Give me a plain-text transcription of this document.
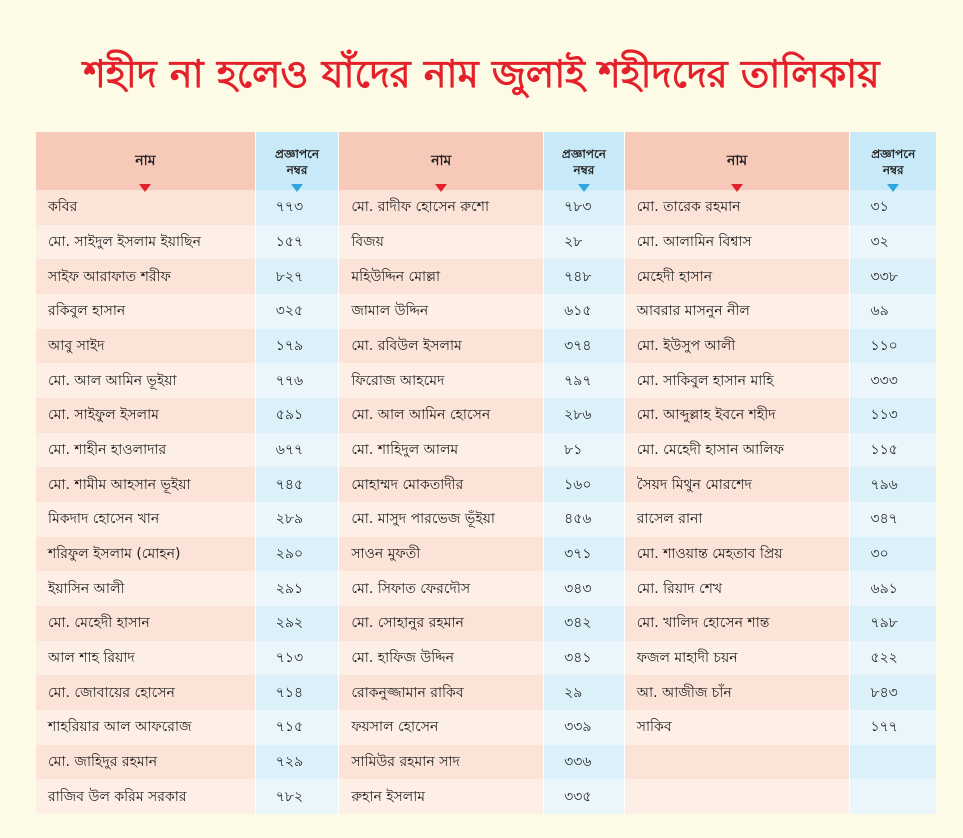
শহীদ না হলেও যাঁদের নাম জুলাই শহীদদের তালিকায়
নাম
কবির
মো. সাইদুল ইসলাম ইয়াছিন
সাইফ আরাফাত শরীফ
রকিবুল হাসান
আবু সাইদ
মো. আল আমিন ভূইয়া
মো. সাইফুল ইসলাম
মো. শাহীন হাওলাদার
মো. শামীম আহসান ভূইয়া
মিকদাদ হোসেন খান
শরিফুল ইসলাম (মোহন)
ইয়াসিন আলী
মো. মেহেদী হাসান
আল শাহ রিয়াদ
মো. জোবায়ের হোসেন
শাহরিয়ার আল আফরোজ
মো. জাহিদুর রহমান
রাজিব উল করিম সরকার
প্রজ্ঞাপনে
নম্বর
৭৭৩
১৫৭
৮২৭
৩২৫
১৭৯
৭৭৬
৫৯১
৬৭৭
৭৪৫
২৮৯
২৯০
২৯১
২৯২
৭১৩
৭১৪
৭১৫
৭২৯
৭৮২
নাম
মো. রাদীফ হোসেন রুশো
বিজয়
মহিউদ্দিন মোল্লা
জামাল উদ্দিন
মো. রবিউল ইসলাম
ফিরোজ আহমেদ
মো. আল আমিন হোসেন
মো. শাহিদুল আলম
মোহাম্মদ মোকতাদীর
মো. মাসুদ পারভেজ ভূঁইয়া
সাওন মুফতী
মো. সিফাত ফেরদৌস
মো. সোহানুর রহমান
মো. হাফিজ উদ্দিন
রোকনুজ্জামান রাকিব
ফয়সাল হোসেন
সামিউর রহমান সাদ
রুহান ইসলাম
প্রজ্ঞাপনে
নম্বর
৭৮৩
২৮
৭৪৮
৬১৫
৩৭৪
৭৯৭
২৮৬
৮১
১৬০
৪৫৬
৩৭১
৩৪৩
৩৪২
৩৪১
২৯
৩৩৯
৩৩৬
৩৩৫
নাম
মো. তারেক রহমান
মো. আলামিন বিশ্বাস
মেহেদী হাসান
আবরার মাসনুন নীল
মো. ইউসুপ আলী
মো. সাকিবুল হাসান মাহি
মো. আব্দুল্লাহ ইবনে শহীদ
মো. মেহেদী হাসান আলিফ
সৈয়দ মিথুন মোরশেদ
রাসেল রানা
মো. শাওয়ান্ত মেহতাব প্রিয়
মো. রিয়াদ শেখ
মো. খালিদ হোসেন শান্ত
ফজল মাহাদী চয়ন
আ. আজীজ চাঁন
সাকিব
প্রজ্ঞাপনে
নম্বর
৩১
৩২
৩৩৮
৬৯
১১০
৩৩৩
১১৩
১১৫
৭৯৬
৩৪৭
৩০
৬৯১
৭৯৮
৫২২
৮৪৩
১৭৭
